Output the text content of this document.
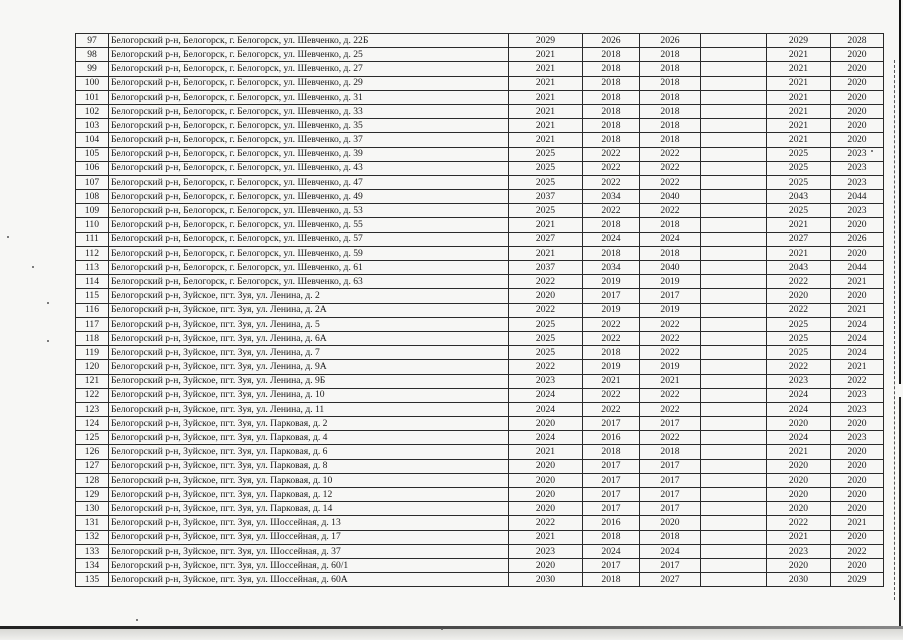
97	Белогорский р-н, Белогорск, г. Белогорск, ул. Шевченко, д. 22Б	2029	2026	2026		2029	2028
98	Белогорский р-н, Белогорск, г. Белогорск, ул. Шевченко, д. 25	2021	2018	2018		2021	2020
99	Белогорский р-н, Белогорск, г. Белогорск, ул. Шевченко, д. 27	2021	2018	2018		2021	2020
100	Белогорский р-н, Белогорск, г. Белогорск, ул. Шевченко, д. 29	2021	2018	2018		2021	2020
101	Белогорский р-н, Белогорск, г. Белогорск, ул. Шевченко, д. 31	2021	2018	2018		2021	2020
102	Белогорский р-н, Белогорск, г. Белогорск, ул. Шевченко, д. 33	2021	2018	2018		2021	2020
103	Белогорский р-н, Белогорск, г. Белогорск, ул. Шевченко, д. 35	2021	2018	2018		2021	2020
104	Белогорский р-н, Белогорск, г. Белогорск, ул. Шевченко, д. 37	2021	2018	2018		2021	2020
105	Белогорский р-н, Белогорск, г. Белогорск, ул. Шевченко, д. 39	2025	2022	2022		2025	2023
106	Белогорский р-н, Белогорск, г. Белогорск, ул. Шевченко, д. 43	2025	2022	2022		2025	2023
107	Белогорский р-н, Белогорск, г. Белогорск, ул. Шевченко, д. 47	2025	2022	2022		2025	2023
108	Белогорский р-н, Белогорск, г. Белогорск, ул. Шевченко, д. 49	2037	2034	2040		2043	2044
109	Белогорский р-н, Белогорск, г. Белогорск, ул. Шевченко, д. 53	2025	2022	2022		2025	2023
110	Белогорский р-н, Белогорск, г. Белогорск, ул. Шевченко, д. 55	2021	2018	2018		2021	2020
111	Белогорский р-н, Белогорск, г. Белогорск, ул. Шевченко, д. 57	2027	2024	2024		2027	2026
112	Белогорский р-н, Белогорск, г. Белогорск, ул. Шевченко, д. 59	2021	2018	2018		2021	2020
113	Белогорский р-н, Белогорск, г. Белогорск, ул. Шевченко, д. 61	2037	2034	2040		2043	2044
114	Белогорский р-н, Белогорск, г. Белогорск, ул. Шевченко, д. 63	2022	2019	2019		2022	2021
115	Белогорский р-н, Зуйское, пгт. Зуя, ул. Ленина, д. 2	2020	2017	2017		2020	2020
116	Белогорский р-н, Зуйское, пгт. Зуя, ул. Ленина, д. 2А	2022	2019	2019		2022	2021
117	Белогорский р-н, Зуйское, пгт. Зуя, ул. Ленина, д. 5	2025	2022	2022		2025	2024
118	Белогорский р-н, Зуйское, пгт. Зуя, ул. Ленина, д. 6А	2025	2022	2022		2025	2024
119	Белогорский р-н, Зуйское, пгт. Зуя, ул. Ленина, д. 7	2025	2018	2022		2025	2024
120	Белогорский р-н, Зуйское, пгт. Зуя, ул. Ленина, д. 9А	2022	2019	2019		2022	2021
121	Белогорский р-н, Зуйское, пгт. Зуя, ул. Ленина, д. 9Б	2023	2021	2021		2023	2022
122	Белогорский р-н, Зуйское, пгт. Зуя, ул. Ленина, д. 10	2024	2022	2022		2024	2023
123	Белогорский р-н, Зуйское, пгт. Зуя, ул. Ленина, д. 11	2024	2022	2022		2024	2023
124	Белогорский р-н, Зуйское, пгт. Зуя, ул. Парковая, д. 2	2020	2017	2017		2020	2020
125	Белогорский р-н, Зуйское, пгт. Зуя, ул. Парковая, д. 4	2024	2016	2022		2024	2023
126	Белогорский р-н, Зуйское, пгт. Зуя, ул. Парковая, д. 6	2021	2018	2018		2021	2020
127	Белогорский р-н, Зуйское, пгт. Зуя, ул. Парковая, д. 8	2020	2017	2017		2020	2020
128	Белогорский р-н, Зуйское, пгт. Зуя, ул. Парковая, д. 10	2020	2017	2017		2020	2020
129	Белогорский р-н, Зуйское, пгт. Зуя, ул. Парковая, д. 12	2020	2017	2017		2020	2020
130	Белогорский р-н, Зуйское, пгт. Зуя, ул. Парковая, д. 14	2020	2017	2017		2020	2020
131	Белогорский р-н, Зуйское, пгт. Зуя, ул. Шоссейная, д. 13	2022	2016	2020		2022	2021
132	Белогорский р-н, Зуйское, пгт. Зуя, ул. Шоссейная, д. 17	2021	2018	2018		2021	2020
133	Белогорский р-н, Зуйское, пгт. Зуя, ул. Шоссейная, д. 37	2023	2024	2024		2023	2022
134	Белогорский р-н, Зуйское, пгт. Зуя, ул. Шоссейная, д. 60/1	2020	2017	2017		2020	2020
135	Белогорский р-н, Зуйское, пгт. Зуя, ул. Шоссейная, д. 60А	2030	2018	2027		2030	2029
